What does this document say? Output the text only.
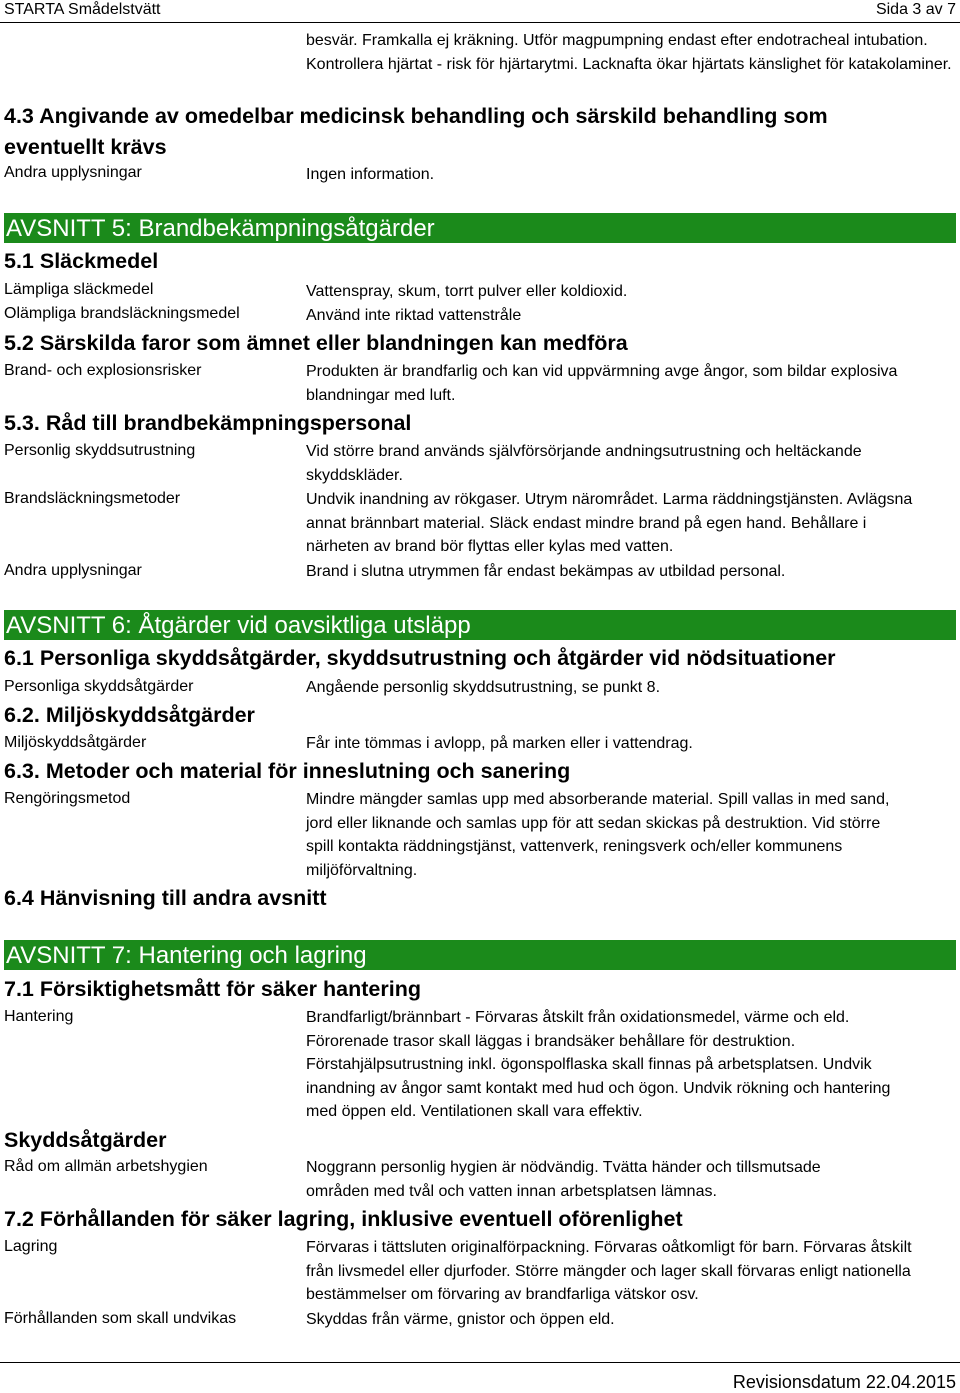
STARTA Smådelstvätt	Sida 3 av 7
besvär. Framkalla ej kräkning. Utför magpumpning endast efter endotracheal intubation. Kontrollera hjärtat - risk för hjärtarytmi. Lacknafta ökar hjärtats känslighet för katakolaminer.
4.3 Angivande av omedelbar medicinsk behandling och särskild behandling som eventuellt krävs
Andra upplysningar	Ingen information.
AVSNITT 5: Brandbekämpningsåtgärder
5.1 Släckmedel
Lämpliga släckmedel	Vattenspray, skum, torrt pulver eller koldioxid.
Olämpliga brandsläckningsmedel	Använd inte riktad vattenstråle
5.2 Särskilda faror som ämnet eller blandningen kan medföra
Brand- och explosionsrisker	Produkten är brandfarlig och kan vid uppvärmning avge ångor, som bildar explosiva blandningar med luft.
5.3. Råd till brandbekämpningspersonal
Personlig skyddsutrustning	Vid större brand används självförsörjande andningsutrustning och heltäckande skyddskläder.
Brandsläckningsmetoder	Undvik inandning av rökgaser. Utrym närområdet. Larma räddningstjänsten. Avlägsna annat brännbart material. Släck endast mindre brand på egen hand. Behållare i närheten av brand bör flyttas eller kylas med vatten.
Andra upplysningar	Brand i slutna utrymmen får endast bekämpas av utbildad personal.
AVSNITT 6: Åtgärder vid oavsiktliga utsläpp
6.1 Personliga skyddsåtgärder, skyddsutrustning och åtgärder vid nödsituationer
Personliga skyddsåtgärder	Angående personlig skyddsutrustning, se punkt 8.
6.2. Miljöskyddsåtgärder
Miljöskyddsåtgärder	Får inte tömmas i avlopp, på marken eller i vattendrag.
6.3. Metoder och material för inneslutning och sanering
Rengöringsmetod	Mindre mängder samlas upp med absorberande material. Spill vallas in med sand, jord eller liknande och samlas upp för att sedan skickas på destruktion. Vid större spill kontakta räddningstjänst, vattenverk, reningsverk och/eller kommunens miljöförvaltning.
6.4 Hänvisning till andra avsnitt
AVSNITT 7: Hantering och lagring
7.1 Försiktighetsmått för säker hantering
Hantering	Brandfarligt/brännbart - Förvaras åtskilt från oxidationsmedel, värme och eld. Förorenade trasor skall läggas i brandsäker behållare för destruktion. Förstahjälpsutrustning inkl. ögonspolflaska skall finnas på arbetsplatsen. Undvik inandning av ångor samt kontakt med hud och ögon. Undvik rökning och hantering med öppen eld. Ventilationen skall vara effektiv.
Skyddsåtgärder
Råd om allmän arbetshygien	Noggrann personlig hygien är nödvändig. Tvätta händer och tillsmutsade områden med tvål och vatten innan arbetsplatsen lämnas.
7.2 Förhållanden för säker lagring, inklusive eventuell oförenlighet
Lagring	Förvaras i tättsluten originalförpackning. Förvaras oåtkomligt för barn. Förvaras åtskilt från livsmedel eller djurfoder. Större mängder och lager skall förvaras enligt nationella bestämmelser om förvaring av brandfarliga vätskor osv.
Förhållanden som skall undvikas	Skyddas från värme, gnistor och öppen eld.
Revisionsdatum 22.04.2015
